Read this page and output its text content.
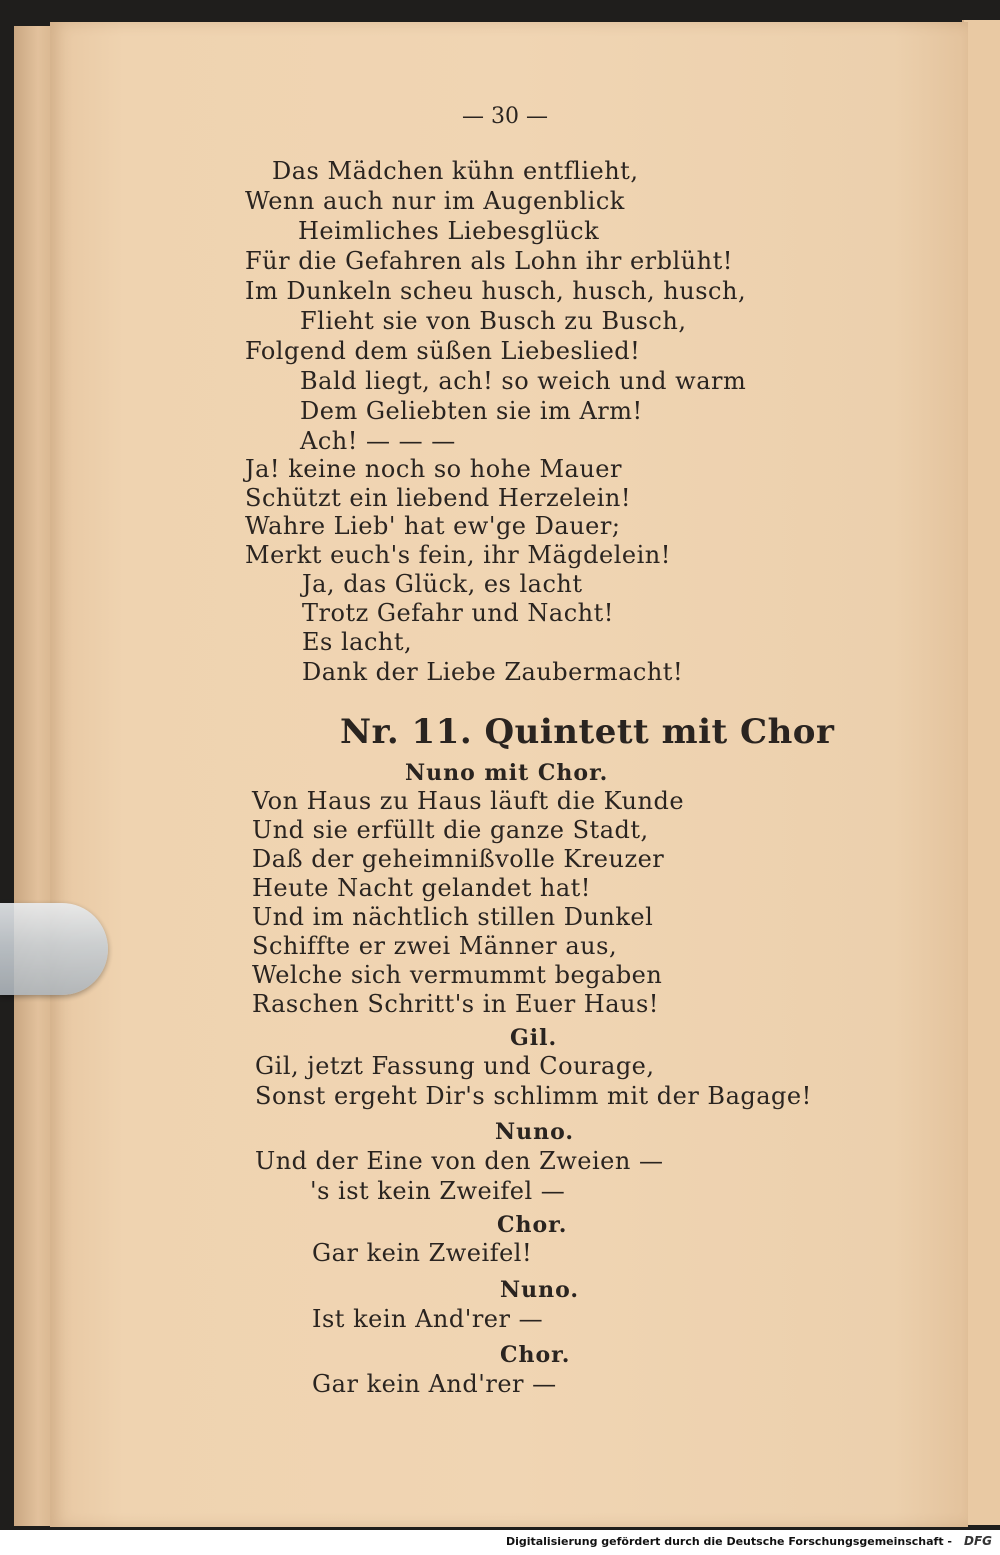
— 30 —
Das Mädchen kühn entflieht,
Wenn auch nur im Augenblick
Heimliches Liebesglück
Für die Gefahren als Lohn ihr erblüht!
Im Dunkeln scheu husch, husch, husch,
Flieht sie von Busch zu Busch,
Folgend dem süßen Liebeslied!
Bald liegt, ach! so weich und warm
Dem Geliebten sie im Arm!
Ach! — — —
Ja! keine noch so hohe Mauer
Schützt ein liebend Herzelein!
Wahre Lieb' hat ew'ge Dauer;
Merkt euch's fein, ihr Mägdelein!
Ja, das Glück, es lacht
Trotz Gefahr und Nacht!
Es lacht,
Dank der Liebe Zaubermacht!
Nr. 11. Quintett mit Chor
Nuno mit Chor.
Von Haus zu Haus läuft die Kunde
Und sie erfüllt die ganze Stadt,
Daß der geheimnißvolle Kreuzer
Heute Nacht gelandet hat!
Und im nächtlich stillen Dunkel
Schiffte er zwei Männer aus,
Welche sich vermummt begaben
Raschen Schritt's in Euer Haus!
Gil.
Gil, jetzt Fassung und Courage,
Sonst ergeht Dir's schlimm mit der Bagage!
Nuno.
Und der Eine von den Zweien —
's ist kein Zweifel —
Chor.
Gar kein Zweifel!
Nuno.
Ist kein And'rer —
Chor.
Gar kein And'rer —
Digitalisierung gefördert durch die Deutsche Forschungsgemeinschaft - DFG
